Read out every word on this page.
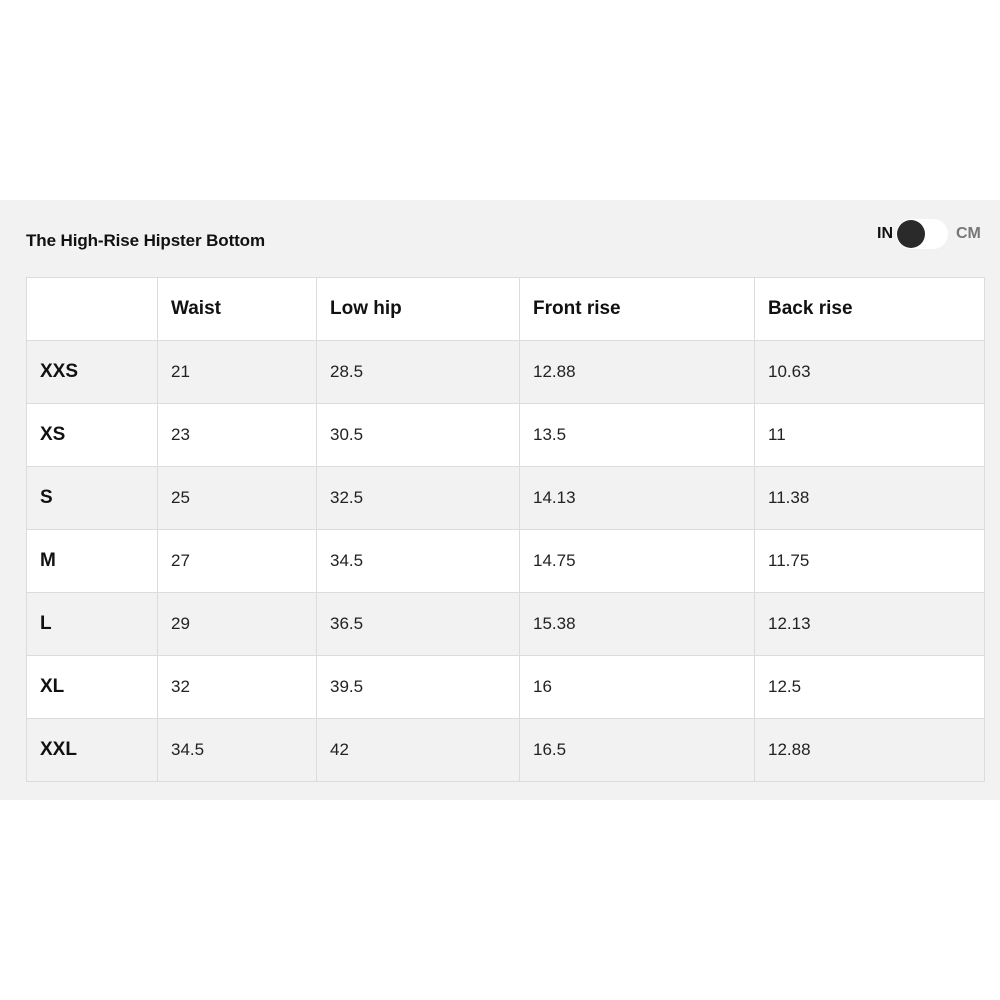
The High-Rise Hipster Bottom	IN	CM
	Waist	Low hip	Front rise	Back rise
XXS	21	28.5	12.88	10.63
XS	23	30.5	13.5	11
S	25	32.5	14.13	11.38
M	27	34.5	14.75	11.75
L	29	36.5	15.38	12.13
XL	32	39.5	16	12.5
XXL	34.5	42	16.5	12.88
